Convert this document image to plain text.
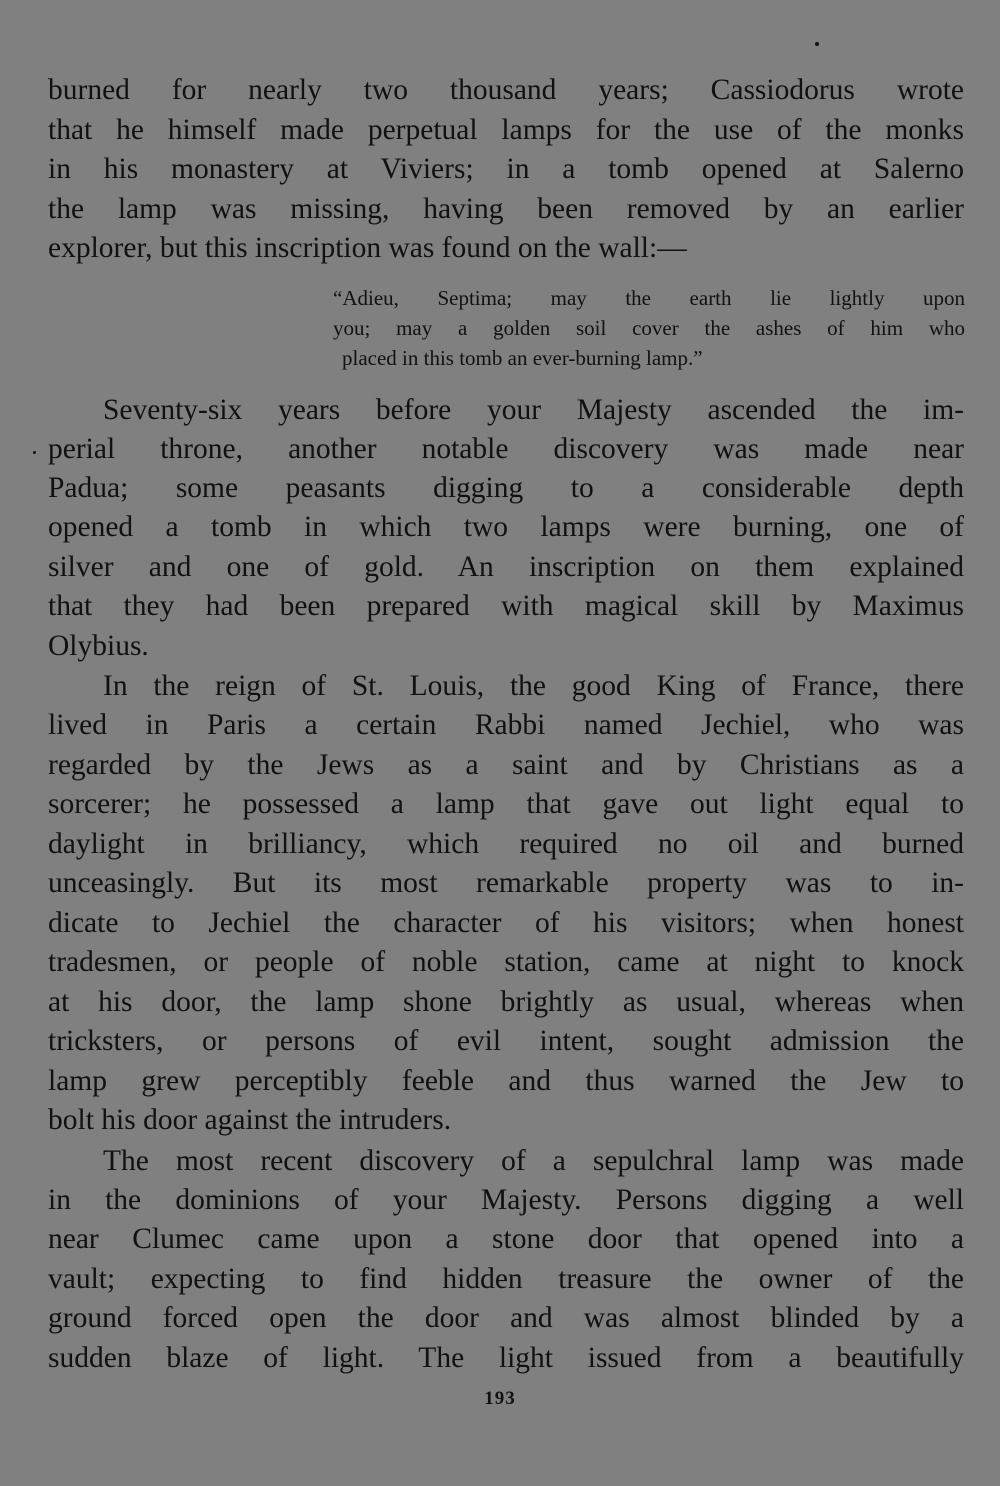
burned for nearly two thousand years; Cassiodorus wrote
that he himself made perpetual lamps for the use of the monks
in his monastery at Viviers; in a tomb opened at Salerno
the lamp was missing, having been removed by an earlier
explorer, but this inscription was found on the wall:—
“Adieu, Septima; may the earth lie lightly upon
you; may a golden soil cover the ashes of him who
placed in this tomb an ever-burning lamp.”
Seventy-six years before your Majesty ascended the im-
perial throne, another notable discovery was made near
Padua; some peasants digging to a considerable depth
opened a tomb in which two lamps were burning, one of
silver and one of gold. An inscription on them explained
that they had been prepared with magical skill by Maximus
Olybius.
In the reign of St. Louis, the good King of France, there
lived in Paris a certain Rabbi named Jechiel, who was
regarded by the Jews as a saint and by Christians as a
sorcerer; he possessed a lamp that gave out light equal to
daylight in brilliancy, which required no oil and burned
unceasingly. But its most remarkable property was to in-
dicate to Jechiel the character of his visitors; when honest
tradesmen, or people of noble station, came at night to knock
at his door, the lamp shone brightly as usual, whereas when
tricksters, or persons of evil intent, sought admission the
lamp grew perceptibly feeble and thus warned the Jew to
bolt his door against the intruders.
The most recent discovery of a sepulchral lamp was made
in the dominions of your Majesty. Persons digging a well
near Clumec came upon a stone door that opened into a
vault; expecting to find hidden treasure the owner of the
ground forced open the door and was almost blinded by a
sudden blaze of light. The light issued from a beautifully
193
